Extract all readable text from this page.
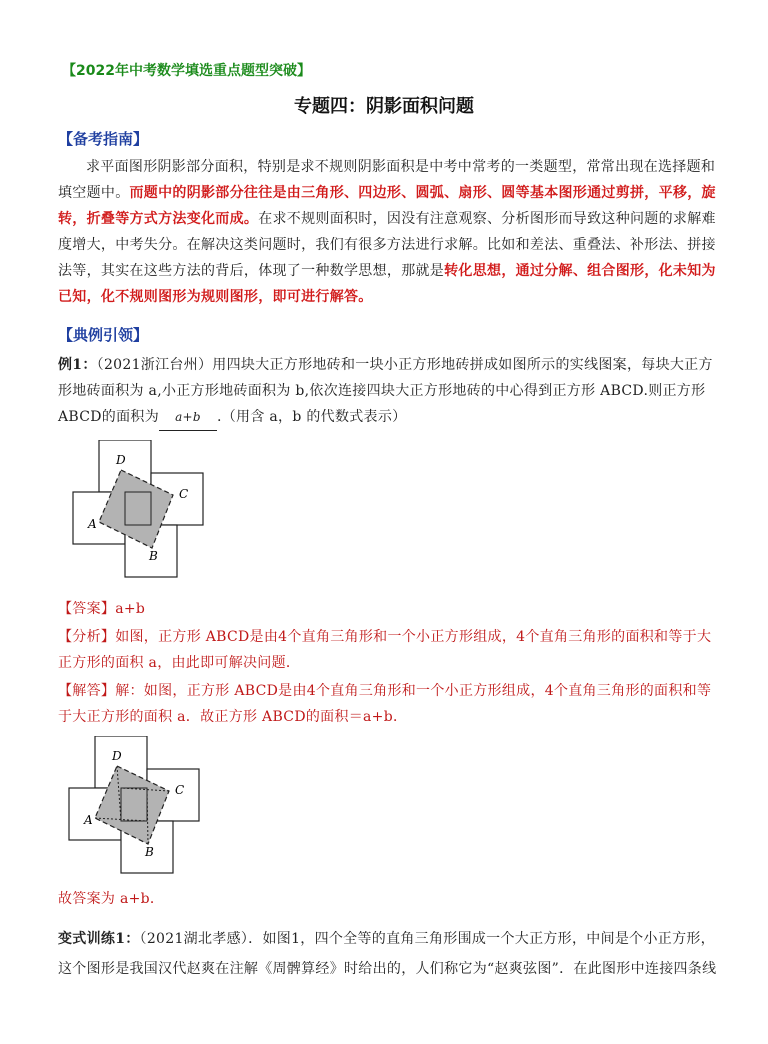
【2022年中考数学填选重点题型突破】
专题四：阴影面积问题
【备考指南】
求平面图形阴影部分面积，特别是求不规则阴影面积是中考中常考的一类题型，常常出现在选择题和填空题中。而题中的阴影部分往往是由三角形、四边形、圆弧、扇形、圆等基本图形通过剪拼，平移，旋转，折叠等方式方法变化而成。在求不规则面积时，因没有注意观察、分析图形而导致这种问题的求解难度增大，中考失分。在解决这类问题时，我们有很多方法进行求解。比如和差法、重叠法、补形法、拼接法等，其实在这些方法的背后，体现了一种数学思想，那就是转化思想，通过分解、组合图形，化未知为已知，化不规则图形为规则图形，即可进行解答。
【典例引领】
例1：（2021浙江台州）用四块大正方形地砖和一块小正方形地砖拼成如图所示的实线图案，每块大正方形地砖面积为 a,小正方形地砖面积为 b,依次连接四块大正方形地砖的中心得到正方形 ABCD.则正方形 ABCD的面积为 a+b .（用含 a，b 的代数式表示）
D
C
A
B
【答案】a+b
【分析】如图，正方形 ABCD是由4个直角三角形和一个小正方形组成，4个直角三角形的面积和等于大正方形的面积 a，由此即可解决问题．
【解答】解：如图，正方形 ABCD是由4个直角三角形和一个小正方形组成，4个直角三角形的面积和等于大正方形的面积 a．故正方形 ABCD的面积＝a+b．
D
C
A
B
故答案为 a+b．
变式训练1：（2021湖北孝感）．如图1，四个全等的直角三角形围成一个大正方形，中间是个小正方形，这个图形是我国汉代赵爽在注解《周髀算经》时给出的，人们称它为“赵爽弦图”．在此图形中连接四条线
